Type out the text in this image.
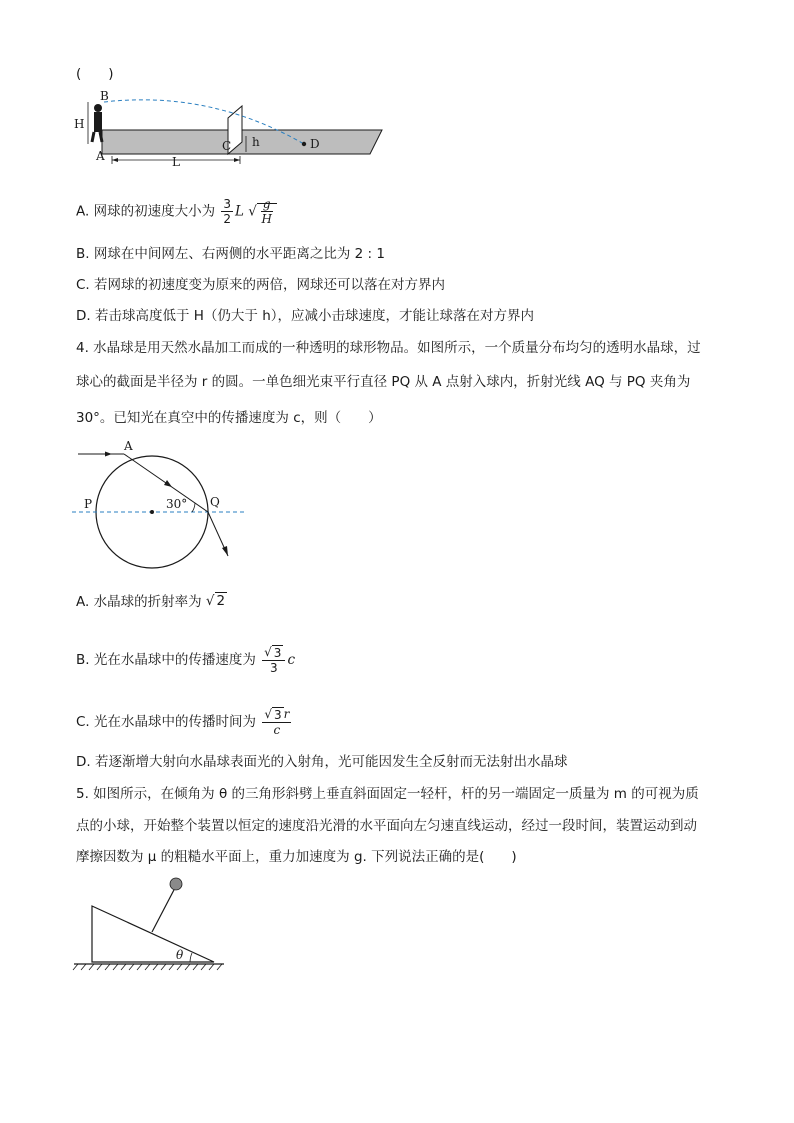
(　　)
B
H
A
C h	D
L
A. 网球的初速度大小为 $\frac{3}{2}$ L √ $\frac{g}{H}$
B. 网球在中间网左、右两侧的水平距离之比为 2 : 1
C. 若网球的初速度变为原来的两倍，网球还可以落在对方界内
D. 若击球高度低于 H（仍大于 h），应减小击球速度，才能让球落在对方界内
4. 水晶球是用天然水晶加工而成的一种透明的球形物品。如图所示，一个质量分布均匀的透明水晶球，过
球心的截面是半径为 r 的圆。一单色细光束平行直径 PQ 从 A 点射入球内，折射光线 AQ 与 PQ 夹角为
30°。已知光在真空中的传播速度为 c，则（　　）
A
P	Q
30°
A. 水晶球的折射率为 √ 2
B. 光在水晶球中的传播速度为 $\frac{√ 3}{3}$ c
C. 光在水晶球中的传播时间为 $\frac{√ 3 r}{c}$
D. 若逐渐增大射向水晶球表面光的入射角，光可能因发生全反射而无法射出水晶球
5. 如图所示，在倾角为 θ 的三角形斜劈上垂直斜面固定一轻杆，杆的另一端固定一质量为 m 的可视为质
点的小球，开始整个装置以恒定的速度沿光滑的水平面向左匀速直线运动，经过一段时间，装置运动到动
摩擦因数为 μ 的粗糙水平面上，重力加速度为 g. 下列说法正确的是(　　)
θ
